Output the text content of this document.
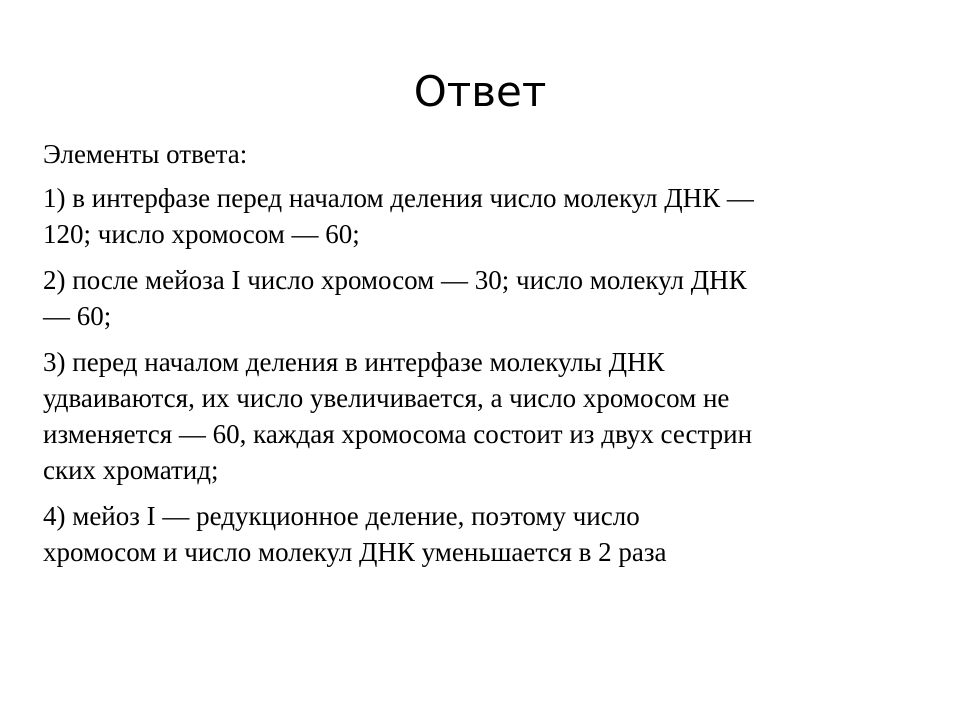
Ответ

Элементы ответа:

1) в интерфазе перед началом деления число молекул ДНК —
120; число хромосом — 60;

2) после мейоза I число хромосом — 30; число молекул ДНК
— 60;

3) перед началом деления в интерфазе молекулы ДНК
удваиваются, их число увеличивается, а число хромосом не
изменяется — 60, каждая хромосома состоит из двух сестрин
ских хроматид;

4) мейоз I — редукционное деление, поэтому число
хромосом и число молекул ДНК уменьшается в 2 раза
